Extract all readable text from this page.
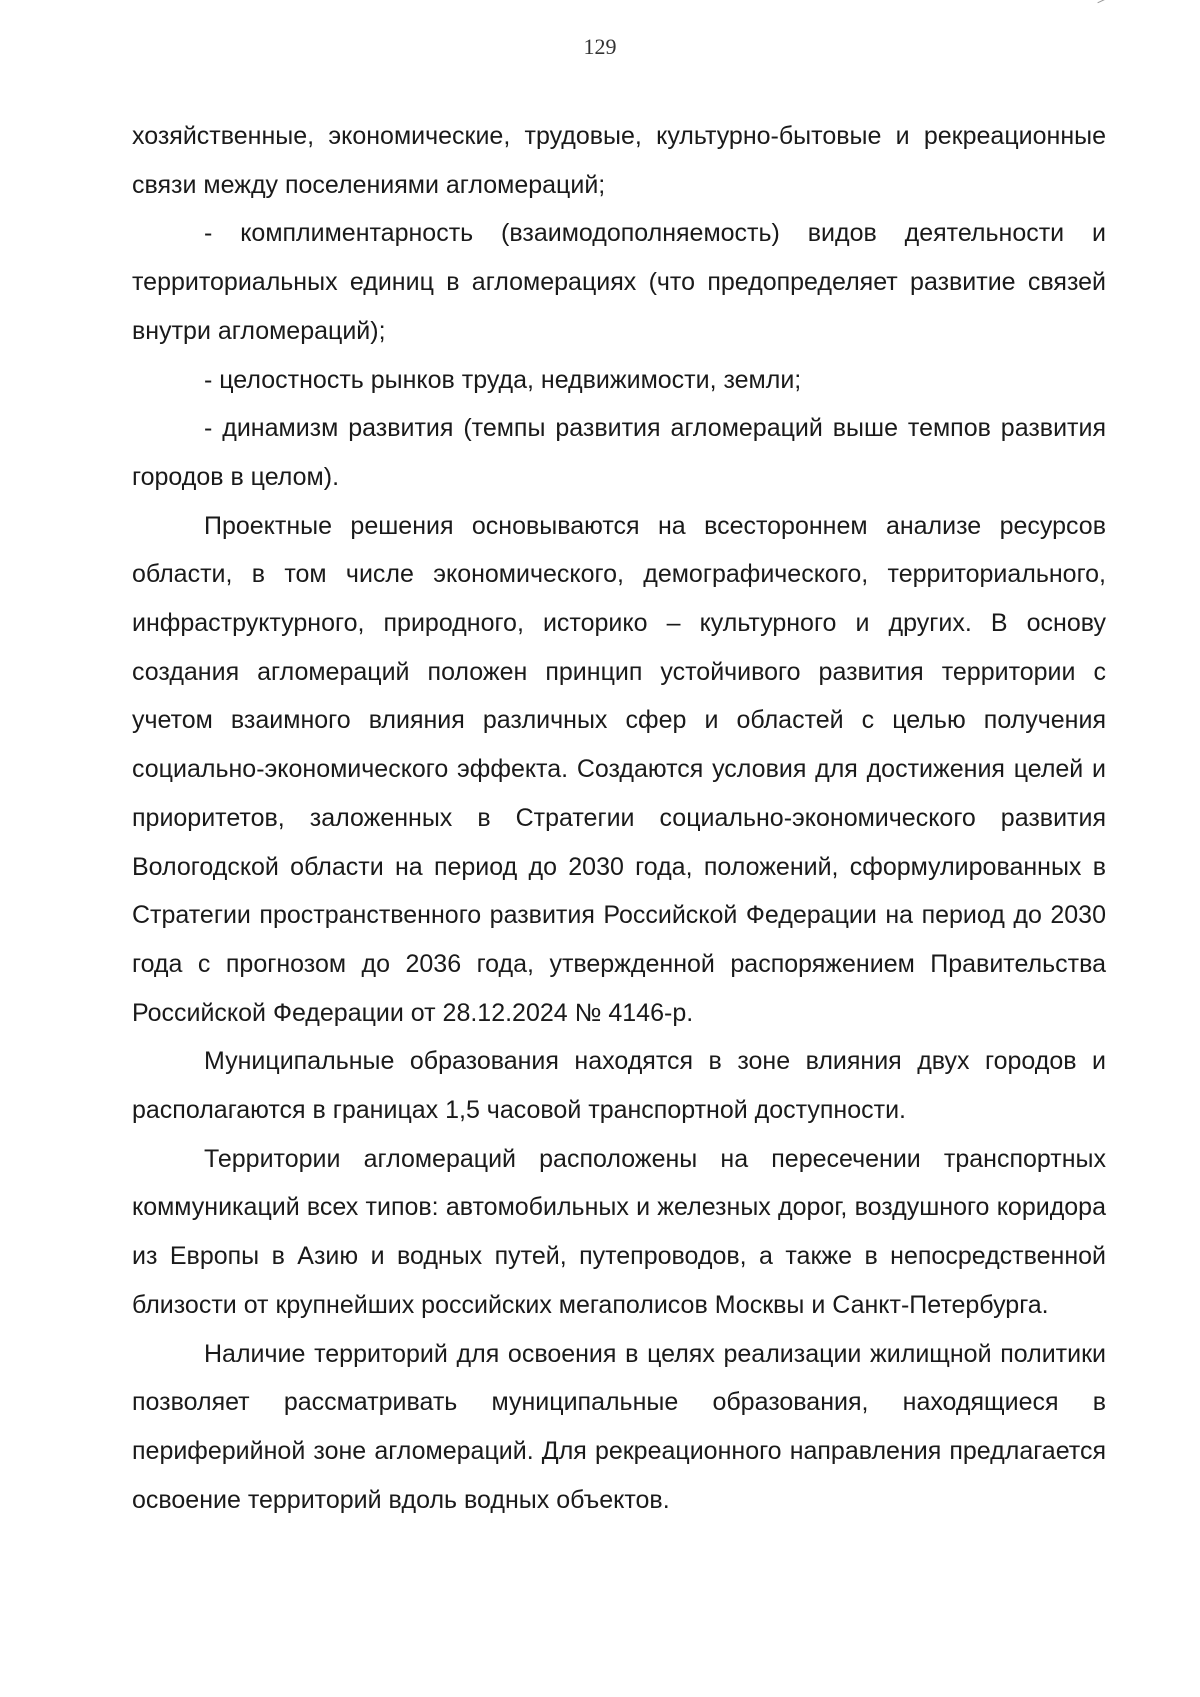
129

хозяйственные, экономические, трудовые, культурно-бытовые и рекреационные связи между поселениями агломераций;

- комплиментарность (взаимодополняемость) видов деятельности и территориальных единиц в агломерациях (что предопределяет развитие связей внутри агломераций);

- целостность рынков труда, недвижимости, земли;

- динамизм развития (темпы развития агломераций выше темпов развития городов в целом).

Проектные решения основываются на всестороннем анализе ресурсов области, в том числе экономического, демографического, территориального, инфраструктурного, природного, историко – культурного и других. В основу создания агломераций положен принцип устойчивого развития территории с учетом взаимного влияния различных сфер и областей с целью получения социально-экономического эффекта. Создаются условия для достижения целей и приоритетов, заложенных в Стратегии социально-экономического развития Вологодской области на период до 2030 года, положений, сформулированных в Стратегии пространственного развития Российской Федерации на период до 2030 года с прогнозом до 2036 года, утвержденной распоряжением Правительства Российской Федерации от 28.12.2024 № 4146-р.

Муниципальные образования находятся в зоне влияния двух городов и располагаются в границах 1,5 часовой транспортной доступности.

Территории агломераций расположены на пересечении транспортных коммуникаций всех типов: автомобильных и железных дорог, воздушного коридора из Европы в Азию и водных путей, путепроводов, а также в непосредственной близости от крупнейших российских мегаполисов Москвы и Санкт-Петербурга.

Наличие территорий для освоения в целях реализации жилищной политики позволяет рассматривать муниципальные образования, находящиеся в периферийной зоне агломераций. Для рекреационного направления предлагается освоение территорий вдоль водных объектов.
